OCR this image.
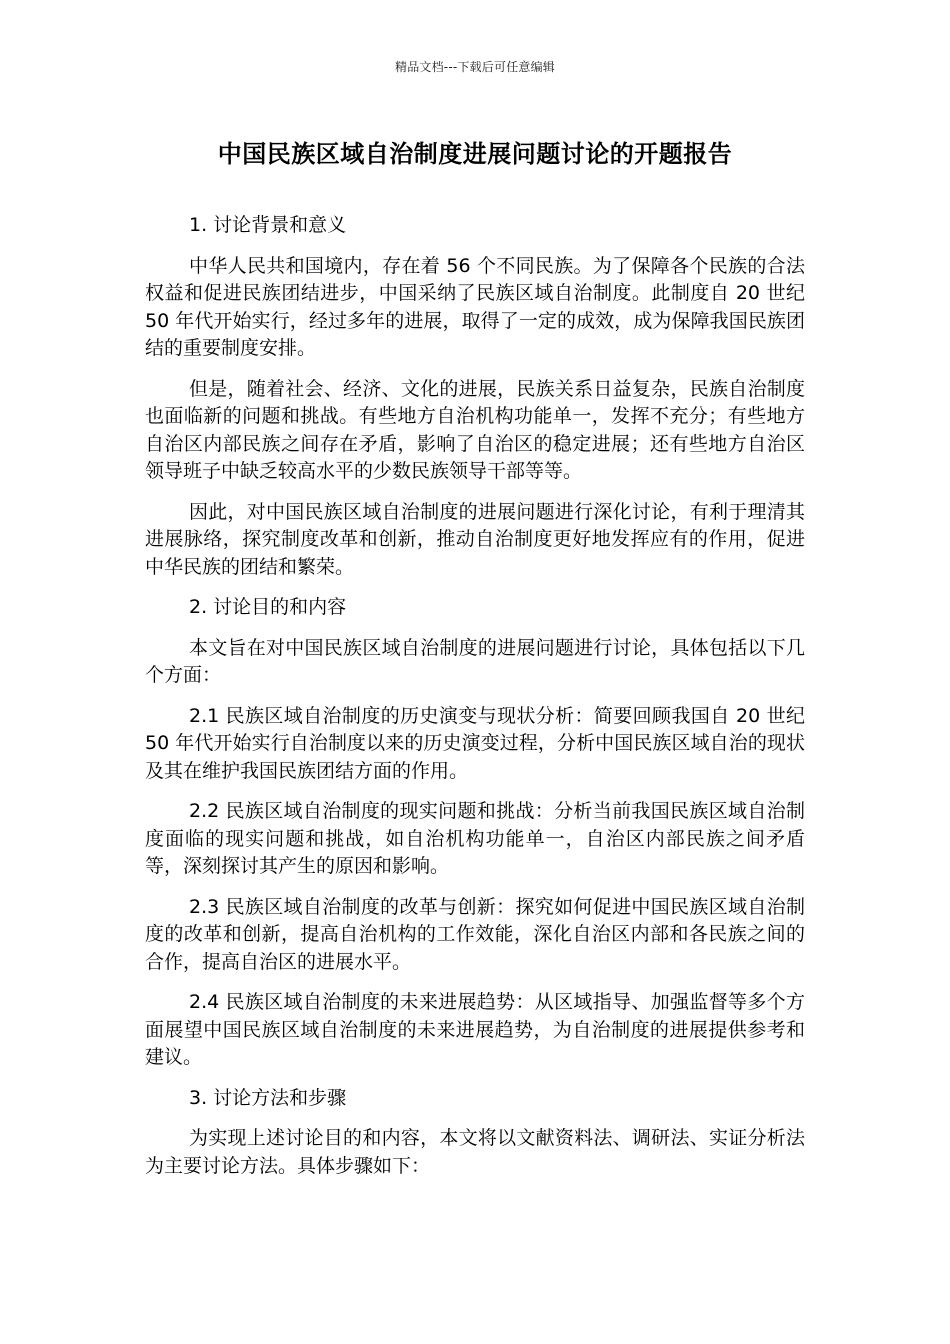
精品文档---下载后可任意编辑
中国民族区域自治制度进展问题讨论的开题报告
1. 讨论背景和意义

中华人民共和国境内，存在着 56 个不同民族。为了保障各个民族的合法权益和促进民族团结进步，中国采纳了民族区域自治制度。此制度自 20 世纪 50 年代开始实行，经过多年的进展，取得了一定的成效，成为保障我国民族团结的重要制度安排。

但是，随着社会、经济、文化的进展，民族关系日益复杂，民族自治制度也面临新的问题和挑战。有些地方自治机构功能单一，发挥不充分；有些地方自治区内部民族之间存在矛盾，影响了自治区的稳定进展；还有些地方自治区领导班子中缺乏较高水平的少数民族领导干部等等。

因此，对中国民族区域自治制度的进展问题进行深化讨论，有利于理清其进展脉络，探究制度改革和创新，推动自治制度更好地发挥应有的作用，促进中华民族的团结和繁荣。

2. 讨论目的和内容

本文旨在对中国民族区域自治制度的进展问题进行讨论，具体包括以下几个方面：

2.1 民族区域自治制度的历史演变与现状分析：简要回顾我国自 20 世纪 50 年代开始实行自治制度以来的历史演变过程，分析中国民族区域自治的现状及其在维护我国民族团结方面的作用。

2.2 民族区域自治制度的现实问题和挑战：分析当前我国民族区域自治制度面临的现实问题和挑战，如自治机构功能单一，自治区内部民族之间矛盾等，深刻探讨其产生的原因和影响。

2.3 民族区域自治制度的改革与创新：探究如何促进中国民族区域自治制度的改革和创新，提高自治机构的工作效能，深化自治区内部和各民族之间的合作，提高自治区的进展水平。

2.4 民族区域自治制度的未来进展趋势：从区域指导、加强监督等多个方面展望中国民族区域自治制度的未来进展趋势，为自治制度的进展提供参考和建议。

3. 讨论方法和步骤

为实现上述讨论目的和内容，本文将以文献资料法、调研法、实证分析法为主要讨论方法。具体步骤如下：
